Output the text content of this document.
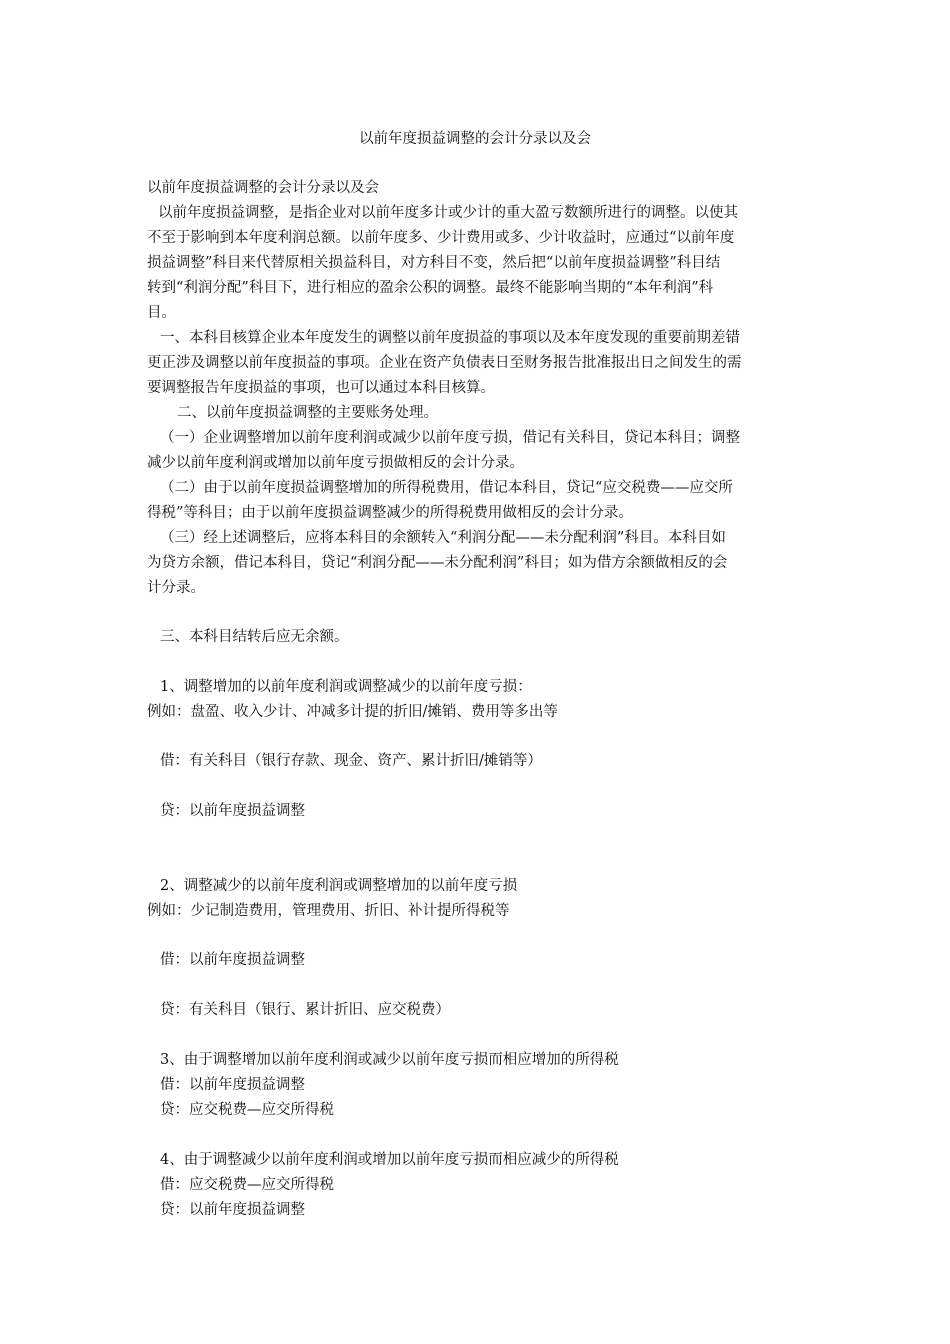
以前年度损益调整的会计分录以及会
以前年度损益调整的会计分录以及会
以前年度损益调整，是指企业对以前年度多计或少计的重大盈亏数额所进行的调整。以使其
不至于影响到本年度利润总额。以前年度多、少计费用或多、少计收益时，应通过“以前年度
损益调整”科目来代替原相关损益科目，对方科目不变，然后把“以前年度损益调整”科目结
转到“利润分配”科目下，进行相应的盈余公积的调整。最终不能影响当期的“本年利润”科
目。
一、本科目核算企业本年度发生的调整以前年度损益的事项以及本年度发现的重要前期差错
更正涉及调整以前年度损益的事项。企业在资产负债表日至财务报告批准报出日之间发生的需
要调整报告年度损益的事项，也可以通过本科目核算。
二、以前年度损益调整的主要账务处理。
（一）企业调整增加以前年度利润或减少以前年度亏损，借记有关科目，贷记本科目；调整
减少以前年度利润或增加以前年度亏损做相反的会计分录。
（二）由于以前年度损益调整增加的所得税费用，借记本科目，贷记“应交税费——应交所
得税”等科目；由于以前年度损益调整减少的所得税费用做相反的会计分录。
（三）经上述调整后，应将本科目的余额转入“利润分配——未分配利润”科目。本科目如
为贷方余额，借记本科目，贷记“利润分配——未分配利润”科目；如为借方余额做相反的会
计分录。
三、本科目结转后应无余额。
1、调整增加的以前年度利润或调整减少的以前年度亏损：
例如：盘盈、收入少计、冲减多计提的折旧/摊销、费用等多出等
借：有关科目（银行存款、现金、资产、累计折旧/摊销等）
贷：以前年度损益调整
2、调整减少的以前年度利润或调整增加的以前年度亏损
例如：少记制造费用，管理费用、折旧、补计提所得税等
借：以前年度损益调整
贷：有关科目（银行、累计折旧、应交税费）
3、由于调整增加以前年度利润或减少以前年度亏损而相应增加的所得税
借：以前年度损益调整
贷：应交税费—应交所得税
4、由于调整减少以前年度利润或增加以前年度亏损而相应减少的所得税
借：应交税费—应交所得税
贷：以前年度损益调整
